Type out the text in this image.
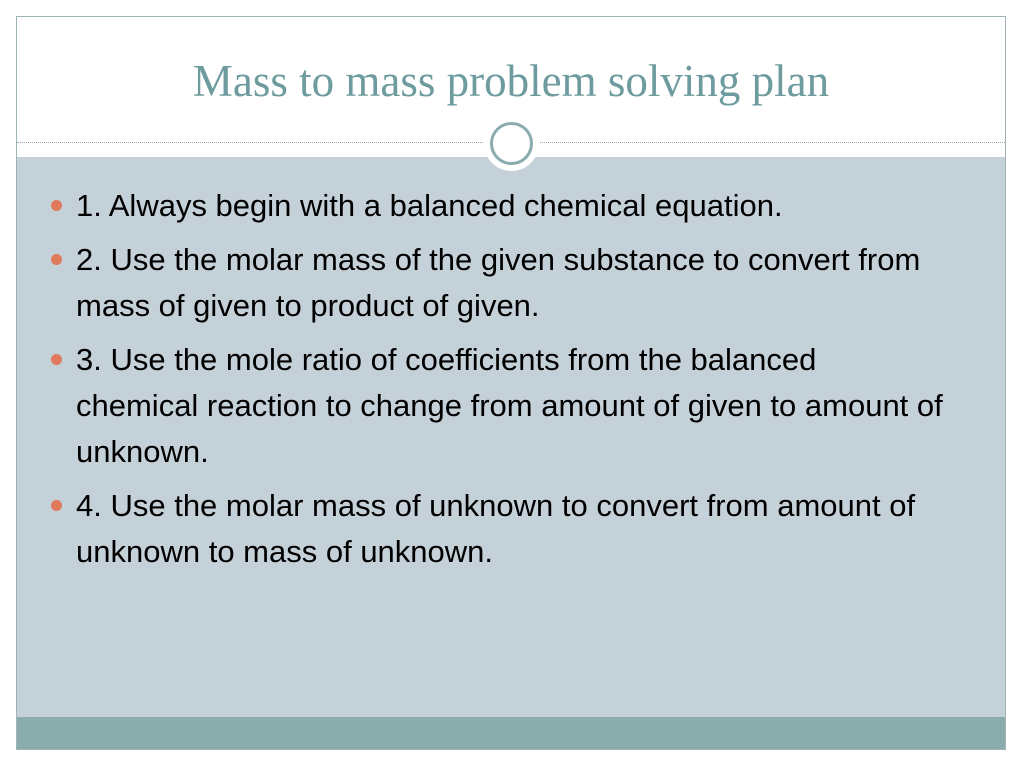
Mass to mass problem solving plan
1. Always begin with a balanced chemical equation.
2. Use the molar mass of the given substance to convert from mass of given to product of given.
3. Use the mole ratio of coefficients from the balanced chemical reaction to change from amount of given to amount of unknown.
4. Use the molar mass of unknown to convert from amount of unknown to mass of unknown.
